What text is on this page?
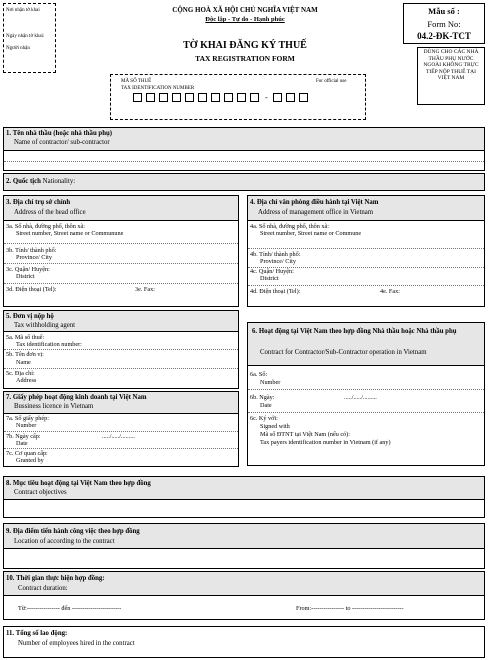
Nơi nhận tờ khai
Ngày nhận tờ khai:
Người nhận
CỘNG HOÀ XÃ HỘI CHỦ NGHĨA VIỆT NAM
Độc lập - Tự do - Hạnh phúc
TỜ KHAI ĐĂNG KÝ THUẾ
TAX REGISTRATION FORM
Mẫu số :
Form No:
04.2-ĐK-TCT
DÙNG CHO CÁC NHÀ THẦU PHỤ NƯỚC NGOÀI KHÔNG TRỰC TIẾP NỘP THUẾ TẠI VIỆT NAM
MÃ SỐ THUẾ
TAX IDENTIFICATION NUMBER
For official use
-
1. Tên nhà thầu (hoặc nhà thầu phụ)
Name of contractor/ sub-contractor
2. Quốc tịch Nationality:
3. Địa chỉ trụ sở chính
Address of the head office
3a. Số nhà, đường phố, thôn xã:
Street number, Street name or Communune
3b. Tỉnh/ thành phố:
Province/ City
3c. Quận/ Huyện:
District
3d. Điện thoại (Tel):	3e. Fax:
4. Địa chỉ văn phòng điều hành tại Việt Nam
Address of management office in Vietnam
4a. Số nhà, đường phố, thôn xã:
Street number, Street name or Commune
4b. Tỉnh/ thành phố:
Province/ City
4c. Quận/ Huyện:
District
4d. Điện thoại (Tel):	4e. Fax:
5. Đơn vị nộp hộ
Tax withholding agent
5a. Mã số thuế:
Tax identification number:
5b. Tên đơn vị:
Name
5c. Địa chỉ:
Address
6. Hoạt động tại Việt Nam theo hợp đồng Nhà thầu hoặc Nhà thầu phụ
Contract for Contractor/Sub-Contractor operation in Vietnam
6a. Số:
Number
6b. Ngày:	...../...../.........
Date
6c. Ký với:
Signed with
Mã số ĐTNT tại Việt Nam (nếu có):
Tax payers identification number in Vietnam (if any)
7. Giấy phép hoạt động kinh doanh tại Việt Nam
Bussiness licence in Vietnam
7a. Số giấy phép:
Number
7b. Ngày cấp:	...../...../.........
Date
7c. Cơ quan cấp:
Granted by
8. Mục tiêu hoạt động tại Việt Nam theo hợp đồng
Contract objectives
9. Địa điểm tiến hành công việc theo hợp đồng
Location of according to the contract
10. Thời gian thực hiện hợp đồng:
Contract duration:
Từ:---------------- đến ------------------------	From:---------------- to -------------------------
11. Tổng số lao động:
Number of employees hired in the contract
